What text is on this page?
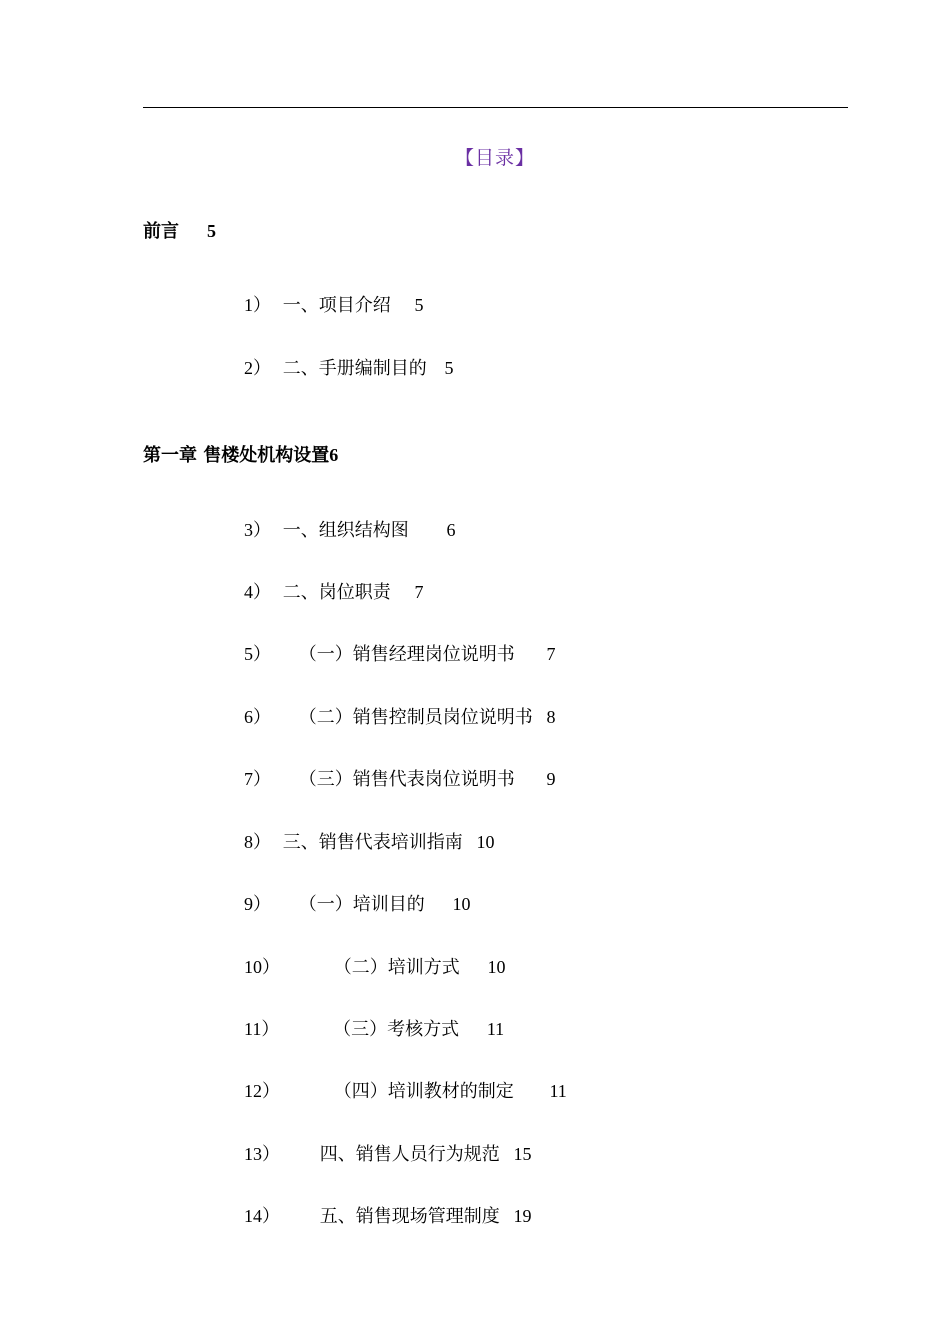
【目录】
前言 5
1） 一、项目介绍 5
2） 二、手册编制目的 5
第一章 售楼处机构设置6
3） 一、组织结构图 6
4） 二、岗位职责 7
5） （一）销售经理岗位说明书 7
6） （二）销售控制员岗位说明书 8
7） （三）销售代表岗位说明书 9
8） 三、销售代表培训指南 10
9） （一）培训目的 10
10）	（二）培训方式 10
11）	（三）考核方式 11
12）	（四）培训教材的制定 11
13） 四、销售人员行为规范 15
14） 五、销售现场管理制度 19
